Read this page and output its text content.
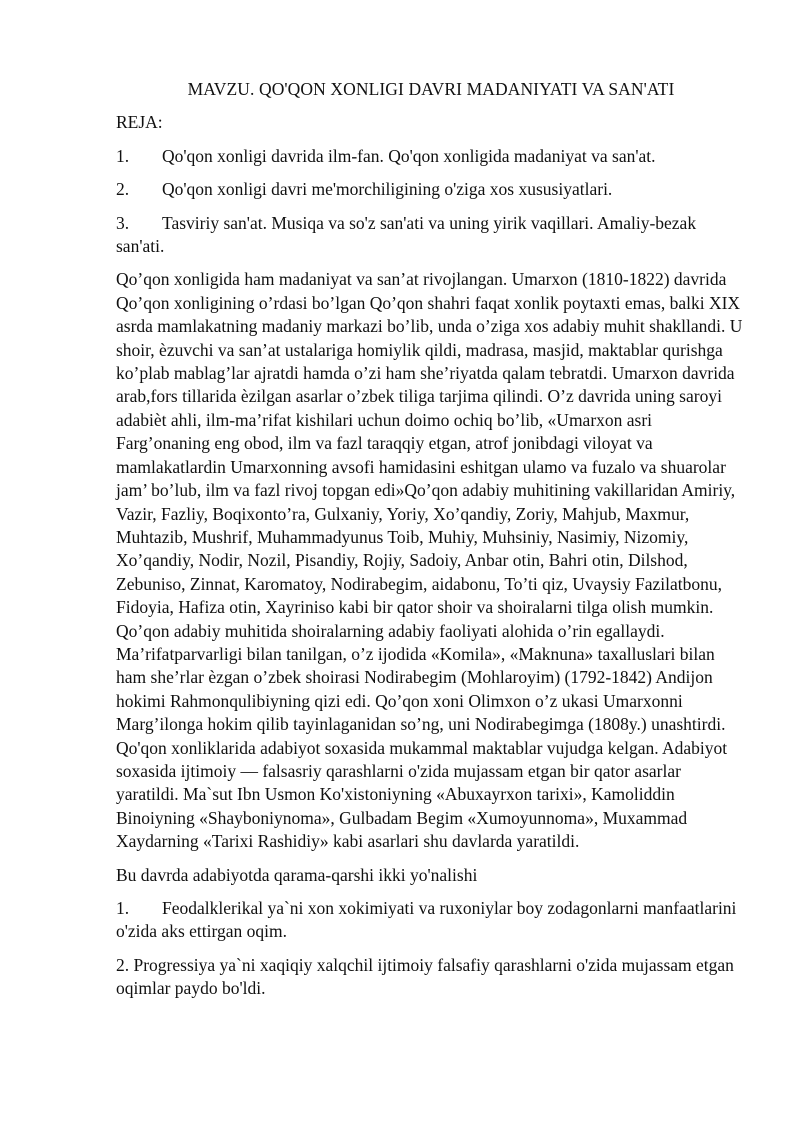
MAVZU. QO'QON XONLIGI DAVRI MADANIYATI VA SAN'ATI
REJA:
1. Qo'qon xonligi davrida ilm-fan. Qo'qon xonligida madaniyat va san'at.
2. Qo'qon xonligi davri me'morchiligining o'ziga xos xususiyatlari.
3. Tasviriy san'at. Musiqa va so'z san'ati va uning yirik vaqillari. Amaliy-bezak san'ati.
Qo’qon xonligida ham madaniyat va san’at rivojlangan. Umarxon (1810-1822) davrida Qo’qon xonligining o’rdasi bo’lgan Qo’qon shahri faqat xonlik poytaxti emas, balki XIX asrda mamlakatning madaniy markazi bo’lib, unda o’ziga xos adabiy muhit shakllandi. U shoir, ѐzuvchi va san’at ustalariga homiylik qildi, madrasa, masjid, maktablar qurishga ko’plab mablag’lar ajratdi hamda o’zi ham she’riyatda qalam tebratdi. Umarxon davrida arab,fors tillarida ѐzilgan asarlar o’zbek tiliga tarjima qilindi. O’z davrida uning saroyi adabiѐt ahli, ilm-ma’rifat kishilari uchun doimo ochiq bo’lib, «Umarxon asri Farg’onaning eng obod, ilm va fazl taraqqiy etgan, atrof jonibdagi viloyat va mamlakatlardin Umarxonning avsofi hamidasini eshitgan ulamo va fuzalo va shuarolar jam’ bo’lub, ilm va fazl rivoj topgan edi»Qo’qon adabiy muhitining vakillaridan Amiriy, Vazir, Fazliy, Boqixonto’ra, Gulxaniy, Yoriy, Xo’qandiy, Zoriy, Mahjub, Maxmur, Muhtazib, Mushrif, Muhammadyunus Toib, Muhiy, Muhsiniy, Nasimiy, Nizomiy, Xo’qandiy, Nodir, Nozil, Pisandiy, Rojiy, Sadoiy, Anbar otin, Bahri otin, Dilshod, Zebuniso, Zinnat, Karomatoy, Nodirabegim, aidabonu, To’ti qiz, Uvaysiy Fazilatbonu, Fidoyia, Hafiza otin, Xayriniso kabi bir qator shoir va shoiralarni tilga olish mumkin. Qo’qon adabiy muhitida shoiralarning adabiy faoliyati alohida o’rin egallaydi. Ma’rifatparvarligi bilan tanilgan, o’z ijodida «Komila», «Maknuna» taxalluslari bilan ham she’rlar ѐzgan o’zbek shoirasi Nodirabegim (Mohlaroyim) (1792-1842) Andijon hokimi Rahmonqulibiyning qizi edi. Qo’qon xoni Olimxon o’z ukasi Umarxonni Marg’ilonga hokim qilib tayinlaganidan so’ng, uni Nodirabegimga (1808y.) unashtirdi. Qo'qon xonliklarida adabiyot soxasida mukammal maktablar vujudga kelgan. Adabiyot soxasida ijtimoiy — falsasriy qarashlarni o'zida mujassam etgan bir qator asarlar yaratildi. Ma`sut Ibn Usmon Ko'xistoniyning «Abuxayrxon tarixi», Kamoliddin Binoiyning «Shayboniynoma», Gulbadam Begim «Xumoyunnoma», Muxammad Xaydarning «Tarixi Rashidiy» kabi asarlari shu davlarda yaratildi.
Bu davrda adabiyotda qarama-qarshi ikki yo'nalishi
1. Feodalklerikal ya`ni xon xokimiyati va ruxoniylar boy zodagonlarni manfaatlarini o'zida aks ettirgan oqim.
2. Progressiya ya`ni xaqiqiy xalqchil ijtimoiy falsafiy qarashlarni o'zida mujassam etgan oqimlar paydo bo'ldi.
